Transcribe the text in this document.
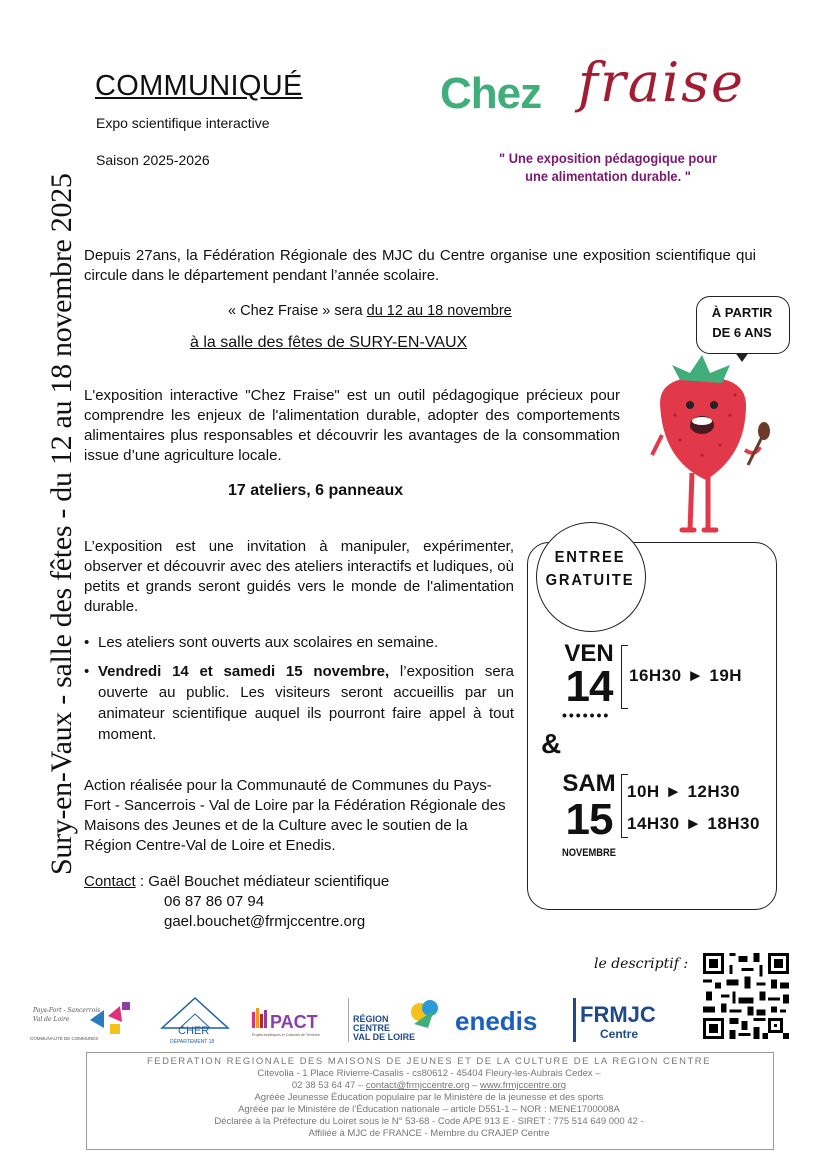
COMMUNIQUÉ
Expo scientifique interactive
Saison 2025-2026
Chez fraise
" Une exposition pédagogique pour
une alimentation durable. "
Sury-en-Vaux - salle des fêtes - du 12 au 18 novembre 2025 Depuis 27ans, la Fédération Régionale des MJC du Centre organise une exposition scientifique qui circule dans le département pendant l’année scolaire.
« Chez Fraise » sera du 12 au 18 novembre
à la salle des fêtes de SURY-EN-VAUX
L'exposition interactive "Chez Fraise" est un outil pédagogique précieux pour comprendre les enjeux de l'alimentation durable, adopter des comportements alimentaires plus responsables et découvrir les avantages de la consommation issue d’une agriculture locale.
17 ateliers, 6 panneaux
L’exposition est une invitation à manipuler, expérimenter, observer et découvrir avec des ateliers interactifs et ludiques, où petits et grands seront guidés vers le monde de l'alimentation durable.
• Les ateliers sont ouverts aux scolaires en semaine.
• Vendredi 14 et samedi 15 novembre, l’exposition sera ouverte au public. Les visiteurs seront accueillis par un animateur scientifique auquel ils pourront faire appel à tout moment.
Action réalisée pour la Communauté de Communes du Pays-Fort - Sancerrois - Val de Loire par la Fédération Régionale des Maisons des Jeunes et de la Culture avec le soutien de la Région Centre-Val de Loire et Enedis.
Contact : Gaël Bouchet médiateur scientifique
06 87 86 07 94
gael.bouchet@frmjccentre.org
À PARTIR
DE 6 ANS
ENTREE
GRATUITE
VEN
14
•••••••
16H30 ► 19H
&
SAM
15
NOVEMBRE
10H ► 12H30
14H30 ► 18H30
le descriptif :
Pays-Fort - Sancerrois
Val de Loire
COMMUNAUTÉ DE COMMUNES
CHER
DÉPARTEMENT 18
PACT
Projets Artistiques et Culturels de Territoire
RÉGION
CENTRE
VAL DE LOIRE
enedis FRMJC
Centre
FEDERATION REGIONALE DES MAISONS DE JEUNES ET DE LA CULTURE DE LA REGION CENTRE
Citevolia - 1 Place Rivierre-Casalis - cs80612 - 45404 Fleury-les-Aubrais Cedex –
02 38 53 64 47 – contact@frmjccentre.org – www.frmjccentre.org
Agréée Jeunesse Éducation populaire par le Ministère de la jeunesse et des sports
Agréée par le Ministère de l’Éducation nationale – article D551-1 – NOR : MENE1700008A
Déclarée à la Préfecture du Loiret sous le N° 53-68 - Code APE 913 E - SIRET : 775 514 649 000 42 -
Affiliée à MJC de FRANCE - Membre du CRAJEP Centre
